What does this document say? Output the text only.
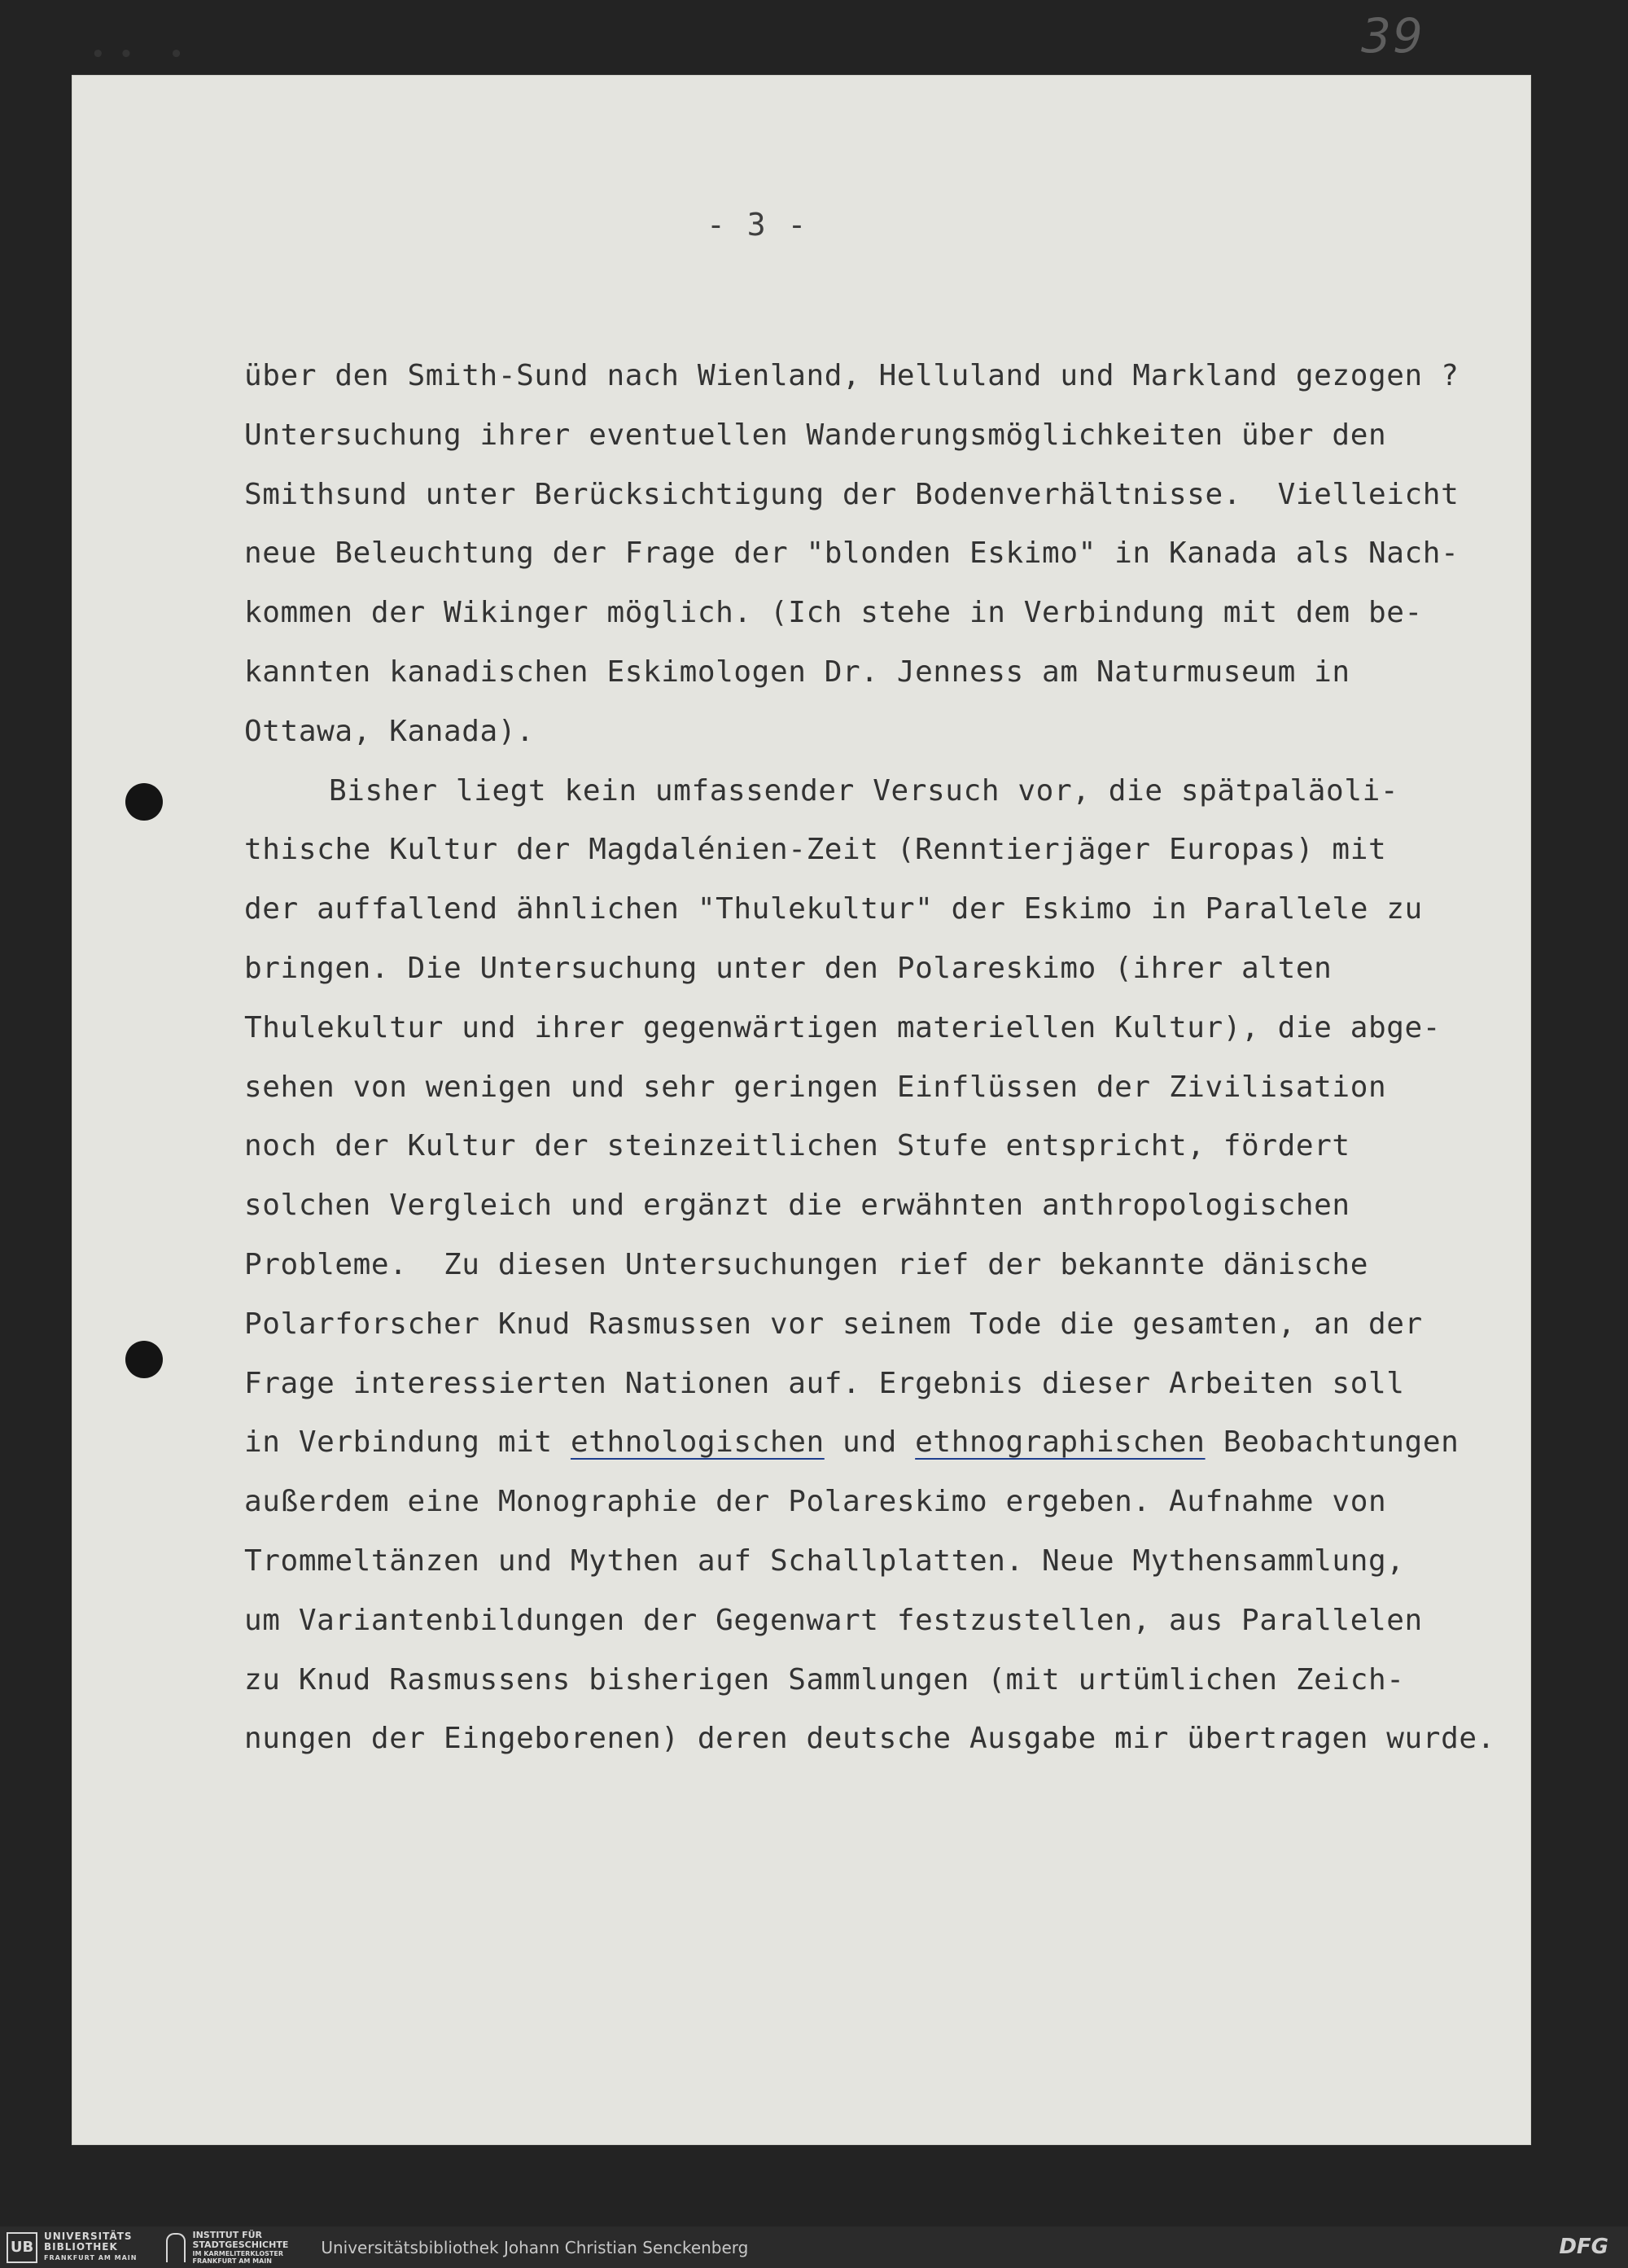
•• •	39
- 3 -
über den Smith-Sund nach Wienland, Helluland und Markland gezogen ?
Untersuchung ihrer eventuellen Wanderungsmöglichkeiten über den
Smithsund unter Berücksichtigung der Bodenverhältnisse.  Vielleicht
neue Beleuchtung der Frage der "blonden Eskimo" in Kanada als Nach-
kommen der Wikinger möglich. (Ich stehe in Verbindung mit dem be-
kannten kanadischen Eskimologen Dr. Jenness am Naturmuseum in
Ottawa, Kanada).
Bisher liegt kein umfassender Versuch vor, die spätpaläoli-
thische Kultur der Magdalénien-Zeit (Renntierjäger Europas) mit
der auffallend ähnlichen "Thulekultur" der Eskimo in Parallele zu
bringen. Die Untersuchung unter den Polareskimo (ihrer alten
Thulekultur und ihrer gegenwärtigen materiellen Kultur), die abge-
sehen von wenigen und sehr geringen Einflüssen der Zivilisation
noch der Kultur der steinzeitlichen Stufe entspricht, fördert
solchen Vergleich und ergänzt die erwähnten anthropologischen
Probleme.  Zu diesen Untersuchungen rief der bekannte dänische
Polarforscher Knud Rasmussen vor seinem Tode die gesamten, an der
Frage interessierten Nationen auf. Ergebnis dieser Arbeiten soll
in Verbindung mit ethnologischen und ethnographischen Beobachtungen
außerdem eine Monographie der Polareskimo ergeben. Aufnahme von
Trommeltänzen und Mythen auf Schallplatten. Neue Mythensammlung,
um Variantenbildungen der Gegenwart festzustellen, aus Parallelen
zu Knud Rasmussens bisherigen Sammlungen (mit urtümlichen Zeich-
nungen der Eingeborenen) deren deutsche Ausgabe mir übertragen wurde.
UB
UNIVERSITÄTS
BIBLIOTHEK
FRANKFURT AM MAIN
INSTITUT FÜR
STADTGESCHICHTE
IM KARMELITERKLOSTER
FRANKFURT AM MAIN
Universitätsbibliothek Johann Christian Senckenberg	DFG
